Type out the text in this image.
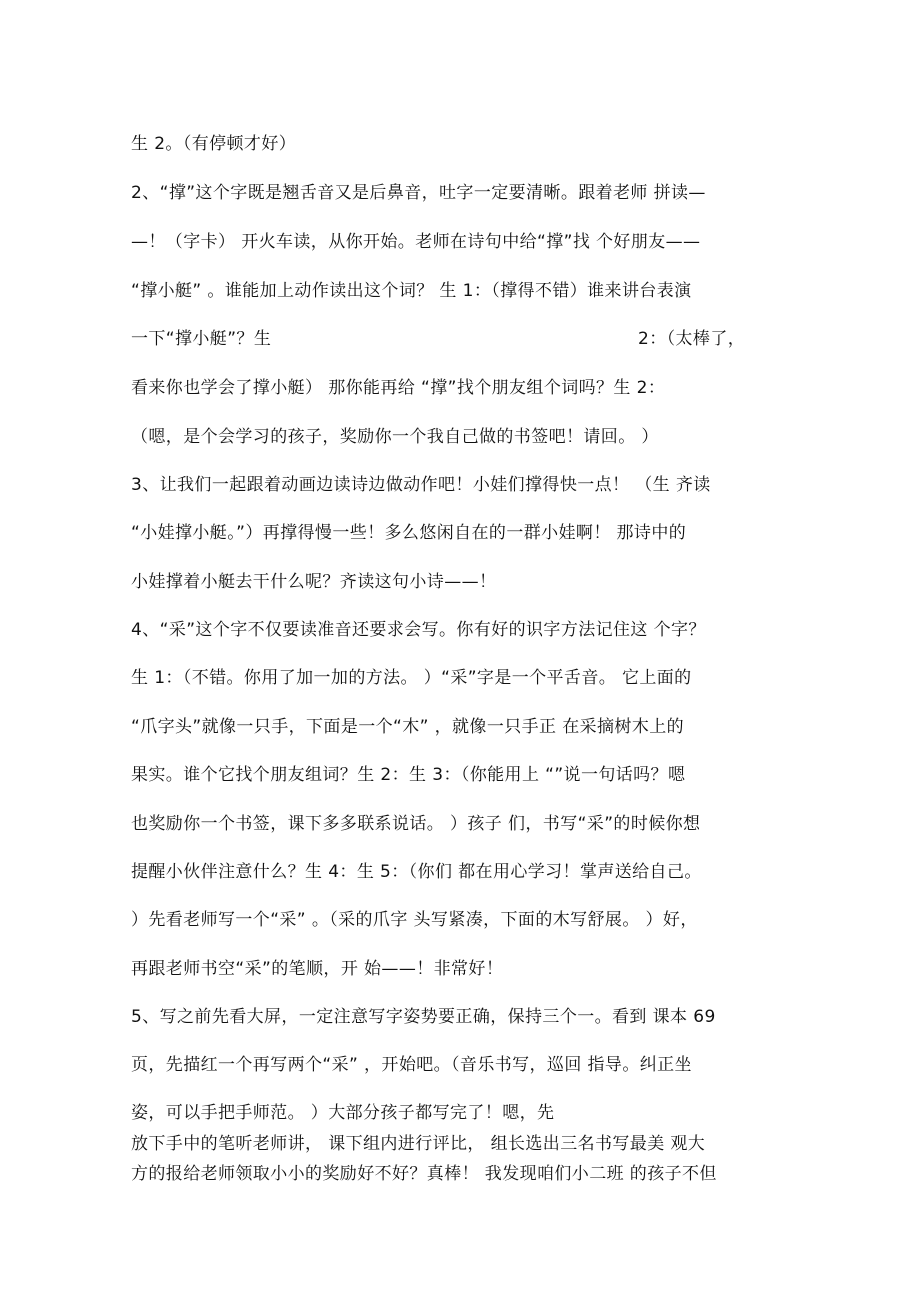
生 2。（有停顿才好）
2、“撑”这个字既是翘舌音又是后鼻音，吐字一定要清晰。跟着老师 拼读—
—！（字卡） 开火车读，从你开始。老师在诗句中给“撑”找 个好朋友——
“撑小艇” 。谁能加上动作读出这个词？ 生 1：（撑得不错）谁来讲台表演
一下“撑小艇”？生	2：（太棒了，
看来你也学会了撑小艇） 那你能再给 “撑”找个朋友组个词吗？生 2：
（嗯，是个会学习的孩子，奖励你一个我自己做的书签吧！请回。 ）
3、让我们一起跟着动画边读诗边做动作吧！小娃们撑得快一点！ （生 齐读
“小娃撑小艇。”）再撑得慢一些！多么悠闲自在的一群小娃啊！ 那诗中的
小娃撑着小艇去干什么呢？齐读这句小诗——！
4、“采”这个字不仅要读准音还要求会写。你有好的识字方法记住这 个字？
生 1：（不错。你用了加一加的方法。 ）“采”字是一个平舌音。 它上面的
“爪字头”就像一只手，下面是一个“木” ，就像一只手正 在采摘树木上的
果实。谁个它找个朋友组词？生 2：生 3：（你能用上 “”说一句话吗？嗯
也奖励你一个书签，课下多多联系说话。 ）孩子 们，书写“采”的时候你想
提醒小伙伴注意什么？生 4：生 5：（你们 都在用心学习！掌声送给自己。
）先看老师写一个“采” 。（采的爪字 头写紧凑，下面的木写舒展。 ）好，
再跟老师书空“采”的笔顺，开 始——！非常好！
5、写之前先看大屏，一定注意写字姿势要正确，保持三个一。看到 课本 69
页，先描红一个再写两个“采” ，开始吧。（音乐书写，巡回 指导。纠正坐
姿，可以手把手师范。 ）大部分孩子都写完了！嗯，先
放下手中的笔听老师讲， 课下组内进行评比， 组长选出三名书写最美 观大
方的报给老师领取小小的奖励好不好？真棒！ 我发现咱们小二班 的孩子不但
